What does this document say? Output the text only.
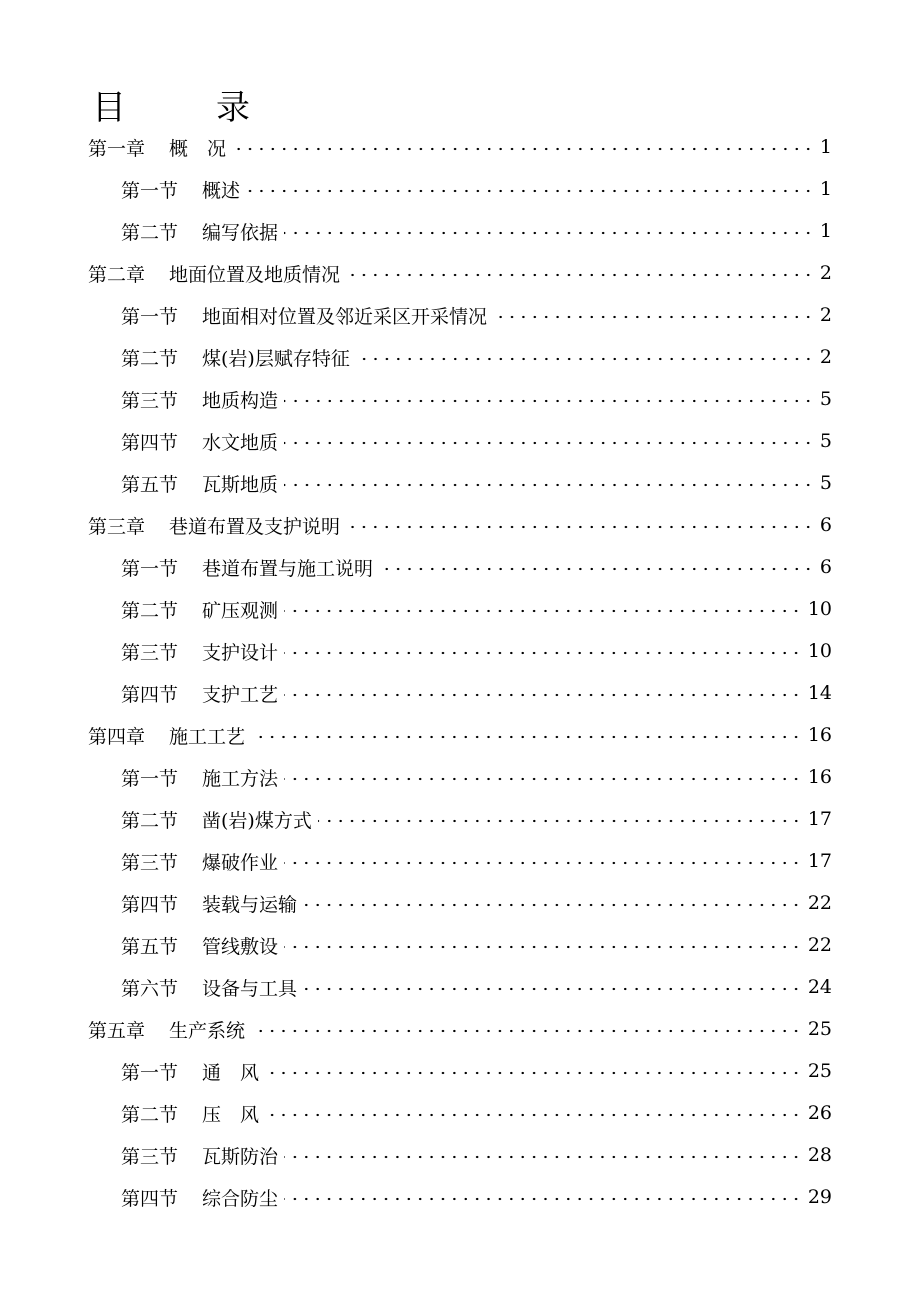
目　录
第一章 概　况	1
第一节 概述	1
第二节 编写依据	1
第二章 地面位置及地质情况	2
第一节 地面相对位置及邻近采区开采情况	2
第二节 煤(岩)层赋存特征	2
第三节 地质构造	5
第四节 水文地质	5
第五节 瓦斯地质	5
第三章 巷道布置及支护说明	6
第一节 巷道布置与施工说明	6
第二节 矿压观测	10
第三节 支护设计	10
第四节 支护工艺	14
第四章 施工工艺	16
第一节 施工方法	16
第二节 凿(岩)煤方式	17
第三节 爆破作业	17
第四节 装载与运输	22
第五节 管线敷设	22
第六节 设备与工具	24
第五章 生产系统	25
第一节 通　风	25
第二节 压　风	26
第三节 瓦斯防治	28
第四节 综合防尘	29
